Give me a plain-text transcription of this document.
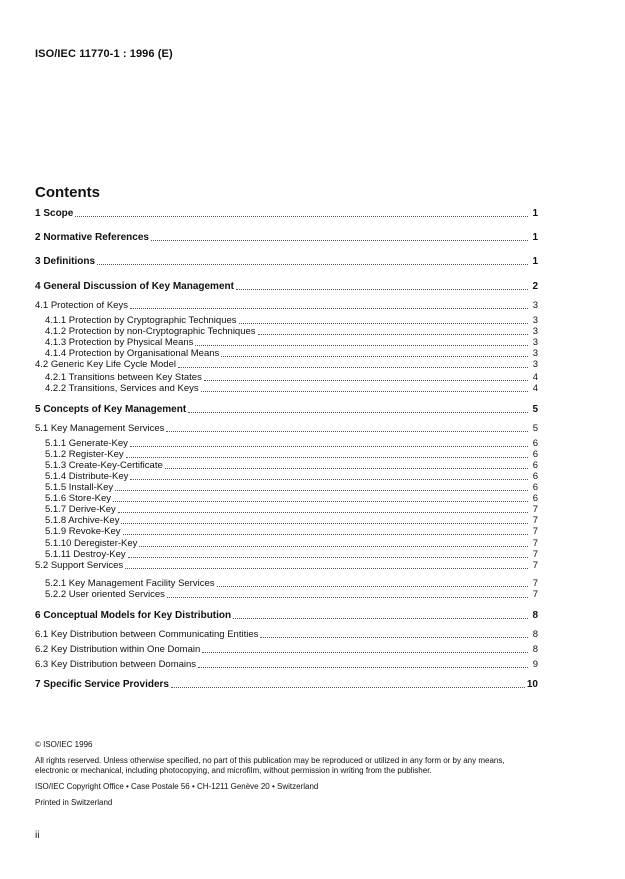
ISO/IEC 11770-1 : 1996 (E)
Contents
1 Scope	1
2 Normative References	1
3 Definitions	1
4 General Discussion of Key Management	2
4.1 Protection of Keys	3
4.1.1 Protection by Cryptographic Techniques	3
4.1.2 Protection by non-Cryptographic Techniques	3
4.1.3 Protection by Physical Means	3
4.1.4 Protection by Organisational Means	3
4.2 Generic Key Life Cycle Model	3
4.2.1 Transitions between Key States	4
4.2.2 Transitions, Services and Keys	4
5 Concepts of Key Management	5
5.1 Key Management Services	5
5.1.1 Generate-Key	6
5.1.2 Register-Key	6
5.1.3 Create-Key-Certificate	6
5.1.4 Distribute-Key	6
5.1.5 Install-Key	6
5.1.6 Store-Key	6
5.1.7 Derive-Key	7
5.1.8 Archive-Key	7
5.1.9 Revoke-Key	7
5.1.10 Deregister-Key	7
5.1.11 Destroy-Key	7
5.2 Support Services	7
5.2.1 Key Management Facility Services	7
5.2.2 User oriented Services	7
6 Conceptual Models for Key Distribution	8
6.1 Key Distribution between Communicating Entities	8
6.2 Key Distribution within One Domain	8
6.3 Key Distribution between Domains	9
7 Specific Service Providers	10
© ISO/IEC 1996
All rights reserved. Unless otherwise specified, no part of this publication may be reproduced or utilized in any form or by any means, electronic or mechanical, including photocopying, and microfilm, without permission in writing from the publisher.
ISO/IEC Copyright Office • Case Postale 56 • CH-1211 Genève 20 • Switzerland
Printed in Switzerland
ii
